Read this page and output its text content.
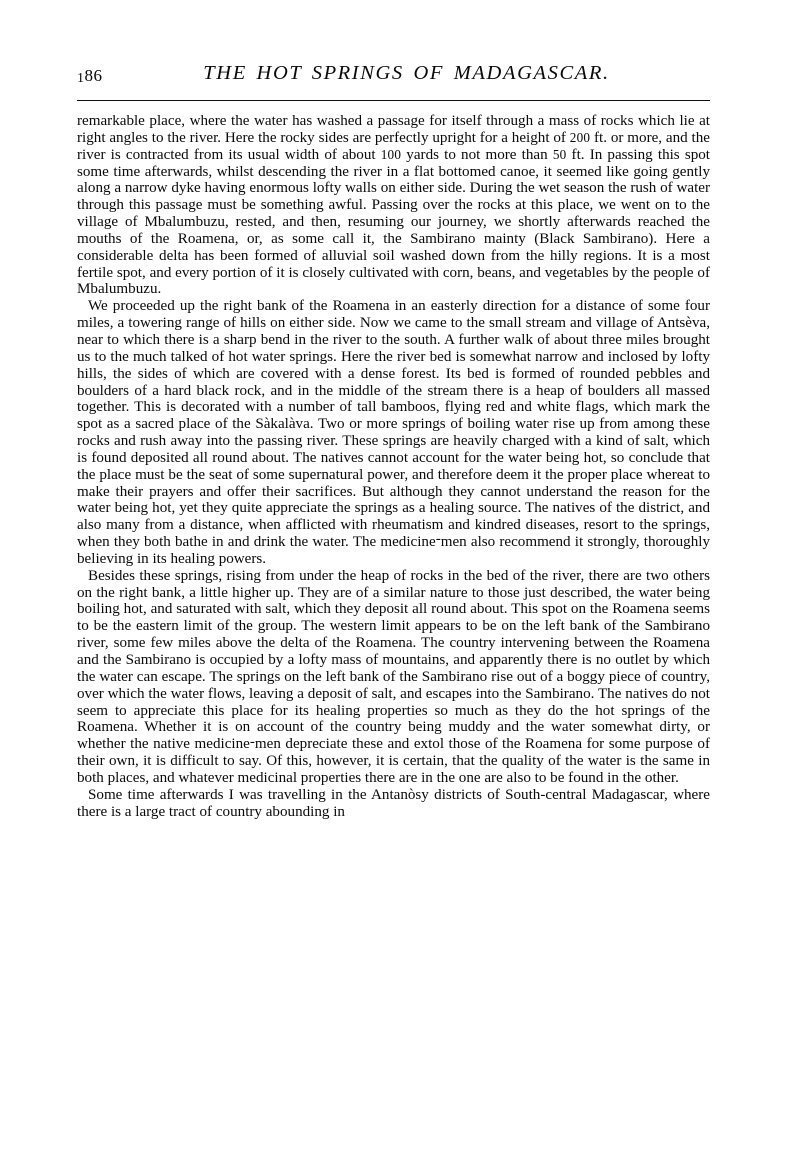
186	THE HOT SPRINGS OF MADAGASCAR.

remarkable place, where the water has washed a passage for itself through a mass of rocks which lie at right angles to the river. Here the rocky sides are perfectly upright for a height of 200 ft. or more, and the river is contracted from its usual width of about 100 yards to not more than 50 ft. In passing this spot some time afterwards, whilst descending the river in a flat bottomed canoe, it seemed like going gently along a narrow dyke having enormous lofty walls on either side. During the wet season the rush of water through this passage must be something awful. Passing over the rocks at this place, we went on to the village of Mbalumbuzu, rested, and then, resuming our journey, we shortly afterwards reached the mouths of the Roamena, or, as some call it, the Sambirano mainty (Black Sambirano). Here a considerable delta has been formed of alluvial soil washed down from the hilly regions. It is a most fertile spot, and every portion of it is closely cultivated with corn, beans, and vegetables by the people of Mbalumbuzu.

We proceeded up the right bank of the Roamena in an easterly direction for a distance of some four miles, a towering range of hills on either side. Now we came to the small stream and village of Antsèva, near to which there is a sharp bend in the river to the south. A further walk of about three miles brought us to the much talked of hot water springs. Here the river bed is somewhat narrow and inclosed by lofty hills, the sides of which are covered with a dense forest. Its bed is formed of rounded pebbles and boulders of a hard black rock, and in the middle of the stream there is a heap of boulders all massed together. This is decorated with a number of tall bamboos, flying red and white flags, which mark the spot as a sacred place of the Sàkalàva. Two or more springs of boiling water rise up from among these rocks and rush away into the passing river. These springs are heavily charged with a kind of salt, which is found deposited all round about. The natives cannot account for the water being hot, so conclude that the place must be the seat of some supernatural power, and therefore deem it the proper place whereat to make their prayers and offer their sacrifices. But although they cannot understand the reason for the water being hot, yet they quite appreciate the springs as a healing source. The natives of the district, and also many from a distance, when afflicted with rheumatism and kindred diseases, resort to the springs, when they both bathe in and drink the water. The medicine-men also recommend it strongly, thoroughly believing in its healing powers.

Besides these springs, rising from under the heap of rocks in the bed of the river, there are two others on the right bank, a little higher up. They are of a similar nature to those just described, the water being boiling hot, and saturated with salt, which they deposit all round about. This spot on the Roamena seems to be the eastern limit of the group. The western limit appears to be on the left bank of the Sambirano river, some few miles above the delta of the Roamena. The country intervening between the Roamena and the Sambirano is occupied by a lofty mass of mountains, and apparently there is no outlet by which the water can escape. The springs on the left bank of the Sambirano rise out of a boggy piece of country, over which the water flows, leaving a deposit of salt, and escapes into the Sambirano. The natives do not seem to appreciate this place for its healing properties so much as they do the hot springs of the Roamena. Whether it is on account of the country being muddy and the water somewhat dirty, or whether the native medicine-men depreciate these and extol those of the Roamena for some purpose of their own, it is difficult to say. Of this, however, it is certain, that the quality of the water is the same in both places, and whatever medicinal properties there are in the one are also to be found in the other.

Some time afterwards I was travelling in the Antanòsy districts of South-central Madagascar, where there is a large tract of country abounding in
